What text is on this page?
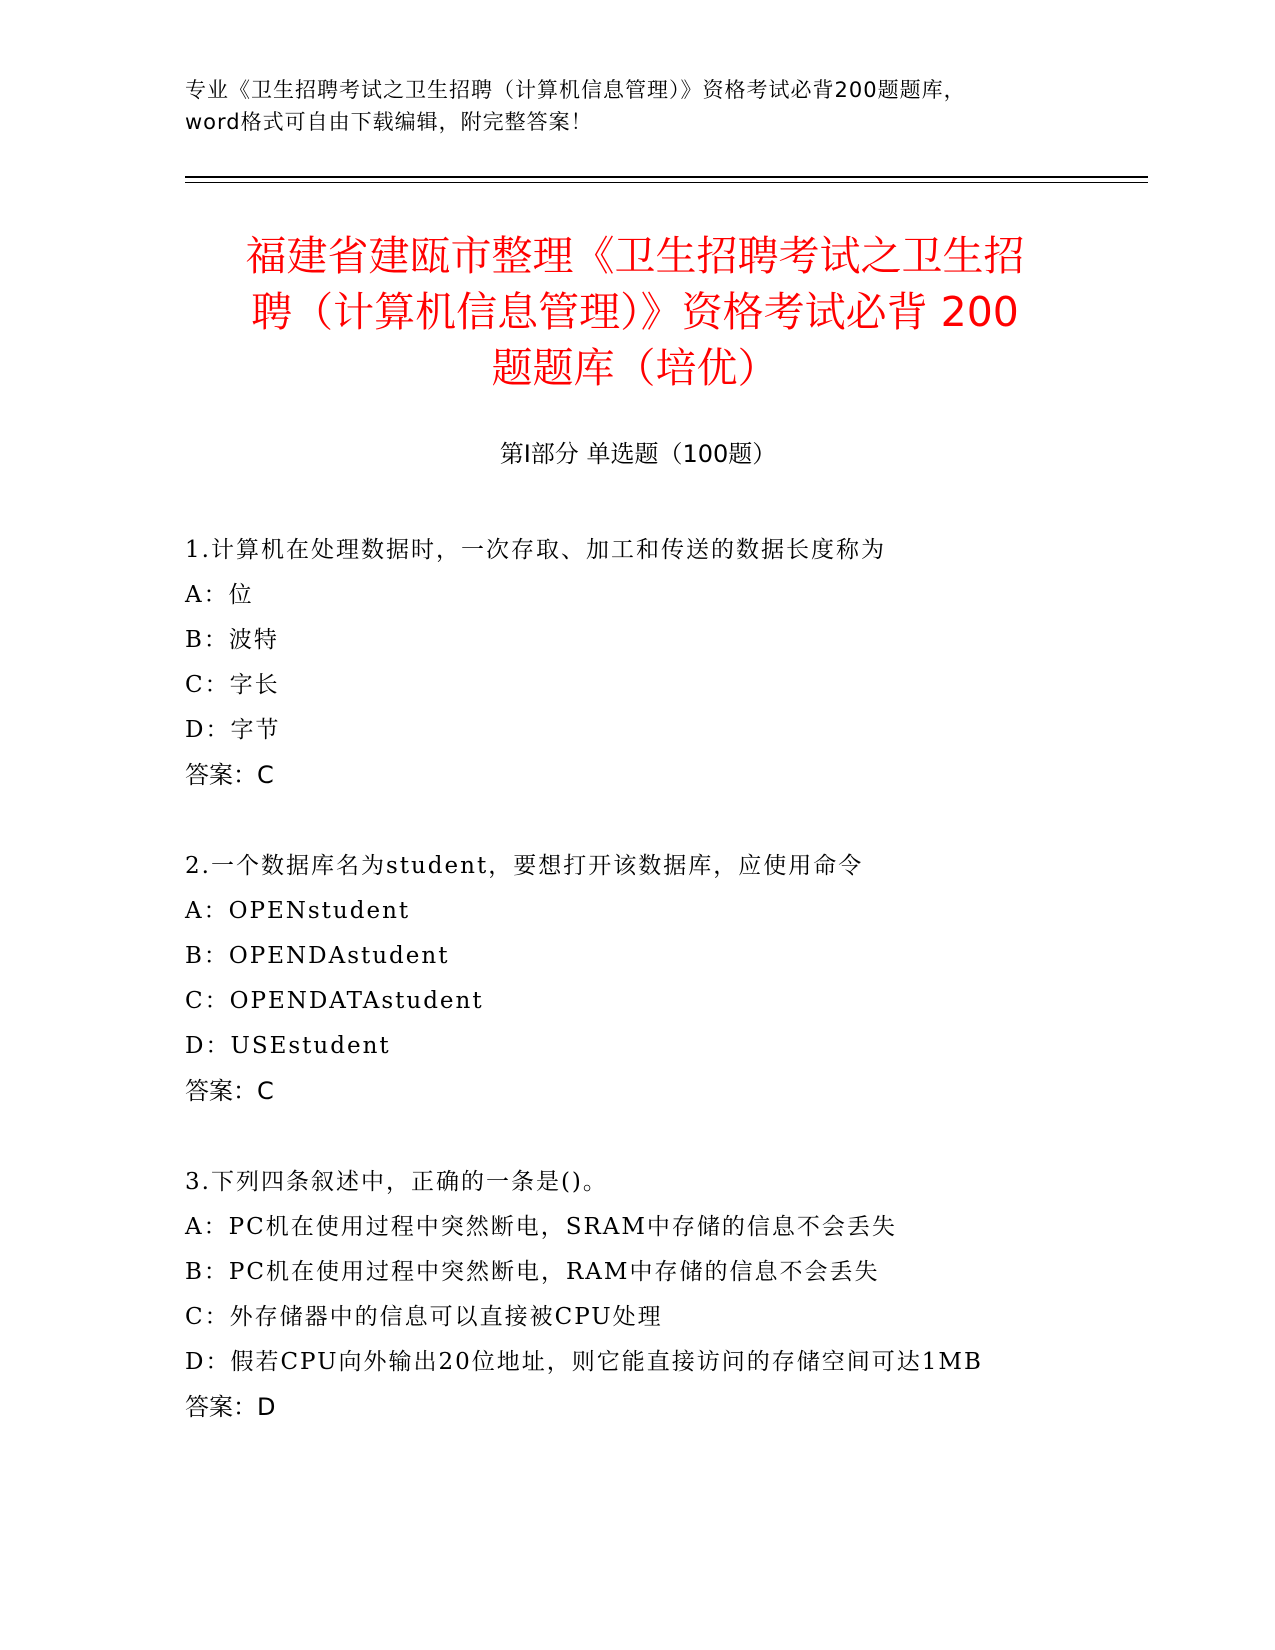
专业《卫生招聘考试之卫生招聘（计算机信息管理）》资格考试必背200题题库，
word格式可自由下载编辑，附完整答案！
福建省建瓯市整理《卫生招聘考试之卫生招
聘（计算机信息管理）》资格考试必背 200
题题库（培优）
第Ⅰ部分 单选题（100题）
1.计算机在处理数据时，一次存取、加工和传送的数据长度称为
A：位
B：波特
C：字长
D：字节
答案：C
2.一个数据库名为student，要想打开该数据库，应使用命令
A：OPENstudent
B：OPENDAstudent
C：OPENDATAstudent
D：USEstudent
答案：C
3.下列四条叙述中，正确的一条是()。
A：PC机在使用过程中突然断电，SRAM中存储的信息不会丢失
B：PC机在使用过程中突然断电，RAM中存储的信息不会丢失
C：外存储器中的信息可以直接被CPU处理
D：假若CPU向外输出20位地址，则它能直接访问的存储空间可达1MB
答案：D
